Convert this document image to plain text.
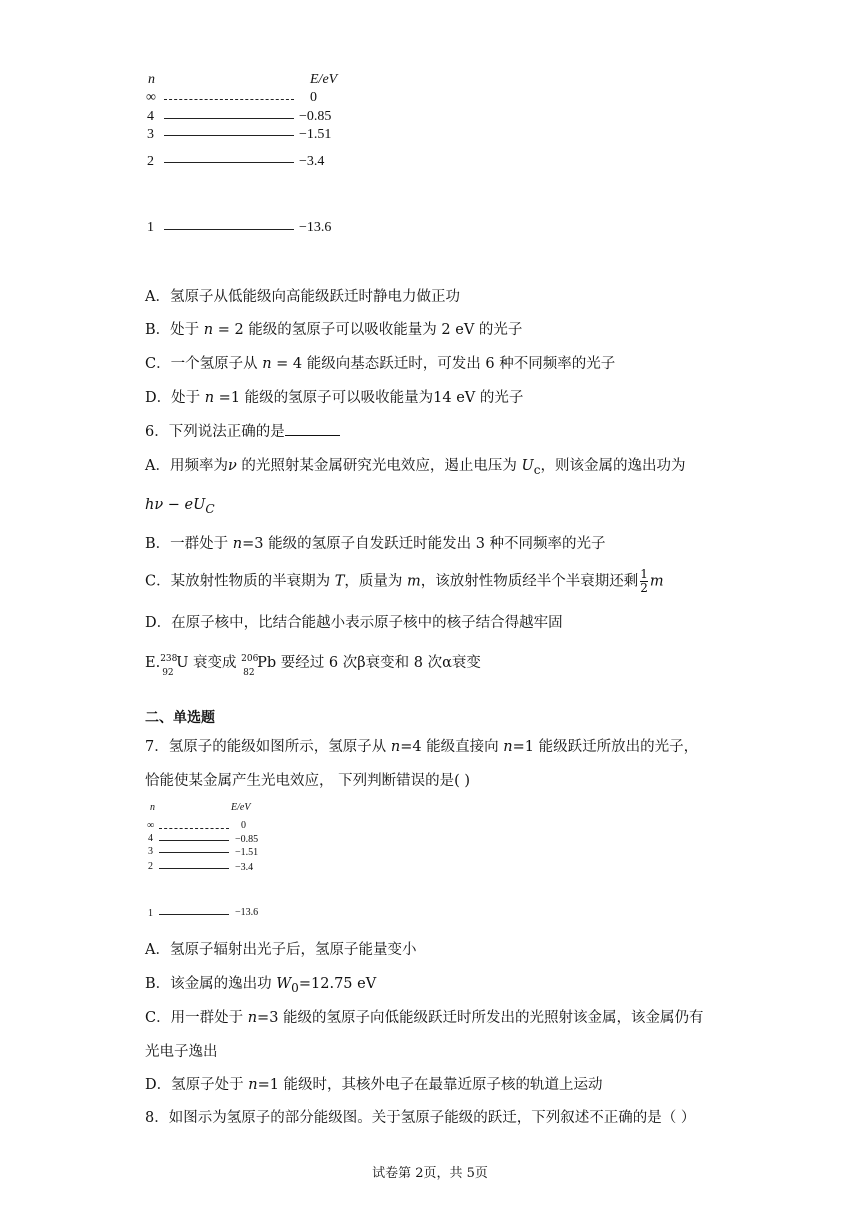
n	E/eV
∞	0
4	−0.85
3	−1.51
2	−3.4
1	−13.6
A．氢原子从低能级向高能级跃迁时静电力做正功
B．处于 n = 2 能级的氢原子可以吸收能量为 2 eV 的光子
C．一个氢原子从 n = 4 能级向基态跃迁时，可发出 6 种不同频率的光子
D．处于 n =1 能级的氢原子可以吸收能量为14 eV 的光子
6．下列说法正确的是
A．用频率为ν 的光照射某金属研究光电效应，遏止电压为 $U_c$，则该金属的逸出功为
$h\nu - eU_C$
B．一群处于 n=3 能级的氢原子自发跃迁时能发出 3 种不同频率的光子
C．某放射性物质的半衰期为 T，质量为 m，该放射性物质经半个半衰期还剩 $\frac{1}{2}$ m
D．在原子核中，比结合能越小表示原子核中的核子结合得越牢固
E. 238
92
U 衰变成 206
82
Pb 要经过 6 次β衰变和 8 次α衰变
二、单选题
7．氢原子的能级如图所示，氢原子从 n=4 能级直接向 n=1 能级跃迁所放出的光子，
恰能使某金属产生光电效应， 下列判断错误的是( )
n	E/eV
∞	0
4	−0.85
3	−1.51
2	−3.4
1	−13.6
A．氢原子辐射出光子后，氢原子能量变小
B．该金属的逸出功 $W_0=12.75$ eV
C．用一群处于 n=3 能级的氢原子向低能级跃迁时所发出的光照射该金属，该金属仍有
光电子逸出
D．氢原子处于 n=1 能级时，其核外电子在最靠近原子核的轨道上运动
8．如图示为氢原子的部分能级图。关于氢原子能级的跃迁，下列叙述不正确的是（ ）
试卷第 2页，共 5页
